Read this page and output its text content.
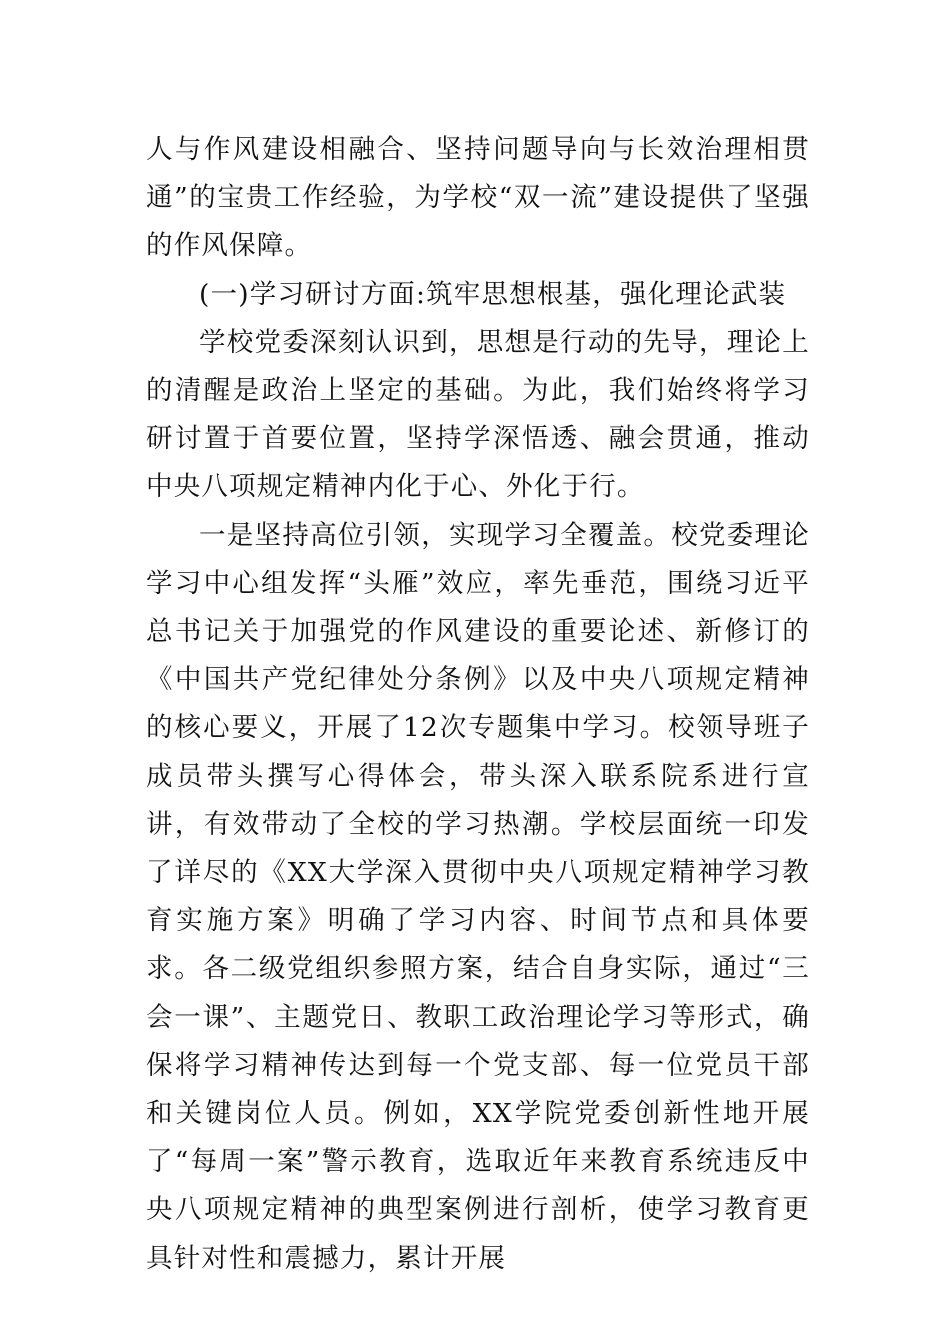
人与作风建设相融合、坚持问题导向与长效治理相贯通”的宝贵工作经验，为学校“双一流”建设提供了坚强的作风保障。

(一)学习研讨方面:筑牢思想根基，强化理论武装

学校党委深刻认识到，思想是行动的先导，理论上的清醒是政治上坚定的基础。为此，我们始终将学习研讨置于首要位置，坚持学深悟透、融会贯通，推动中央八项规定精神内化于心、外化于行。

一是坚持高位引领，实现学习全覆盖。校党委理论学习中心组发挥“头雁”效应，率先垂范，围绕习近平总书记关于加强党的作风建设的重要论述、新修订的《中国共产党纪律处分条例》以及中央八项规定精神的核心要义，开展了12次专题集中学习。校领导班子成员带头撰写心得体会，带头深入联系院系进行宣讲，有效带动了全校的学习热潮。学校层面统一印发了详尽的《XX大学深入贯彻中央八项规定精神学习教育实施方案》明确了学习内容、时间节点和具体要求。各二级党组织参照方案，结合自身实际，通过“三会一课”、主题党日、教职工政治理论学习等形式，确保将学习精神传达到每一个党支部、每一位党员干部和关键岗位人员。例如，XX学院党委创新性地开展了“每周一案”警示教育，选取近年来教育系统违反中央八项规定精神的典型案例进行剖析，使学习教育更具针对性和震撼力，累计开展
